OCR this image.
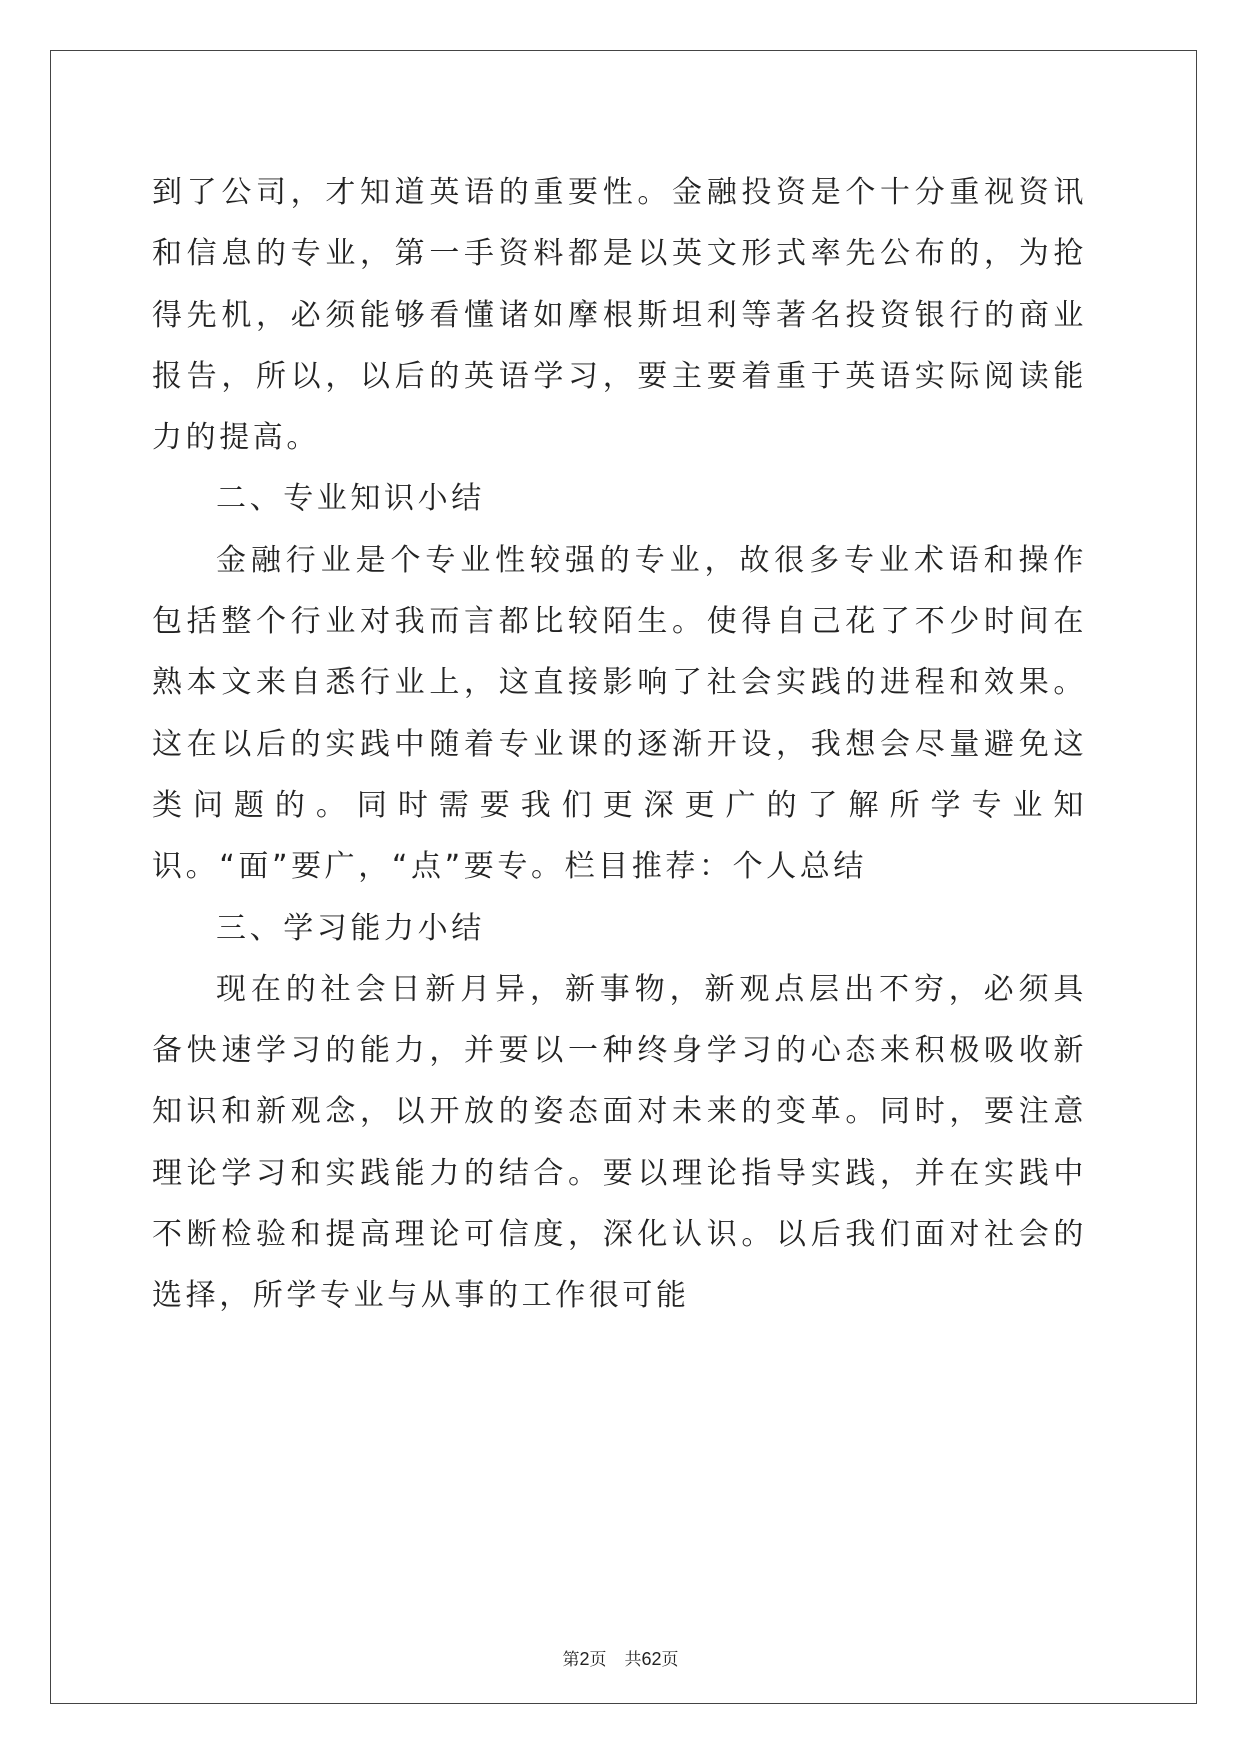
到了公司，才知道英语的重要性。金融投资是个十分重视资讯和信息的专业，第一手资料都是以英文形式率先公布的，为抢得先机，必须能够看懂诸如摩根斯坦利等著名投资银行的商业报告，所以，以后的英语学习，要主要着重于英语实际阅读能力的提高。

二、专业知识小结

金融行业是个专业性较强的专业，故很多专业术语和操作包括整个行业对我而言都比较陌生。使得自己花了不少时间在熟本文来自悉行业上，这直接影响了社会实践的进程和效果。这在以后的实践中随着专业课的逐渐开设，我想会尽量避免这类问题的。同时需要我们更深更广的了解所学专业知识。“面”要广，“点”要专。栏目推荐：个人总结

三、学习能力小结

现在的社会日新月异，新事物，新观点层出不穷，必须具备快速学习的能力，并要以一种终身学习的心态来积极吸收新知识和新观念，以开放的姿态面对未来的变革。同时，要注意理论学习和实践能力的结合。要以理论指导实践，并在实践中不断检验和提高理论可信度，深化认识。以后我们面对社会的选择，所学专业与从事的工作很可能

第2页 共62页
